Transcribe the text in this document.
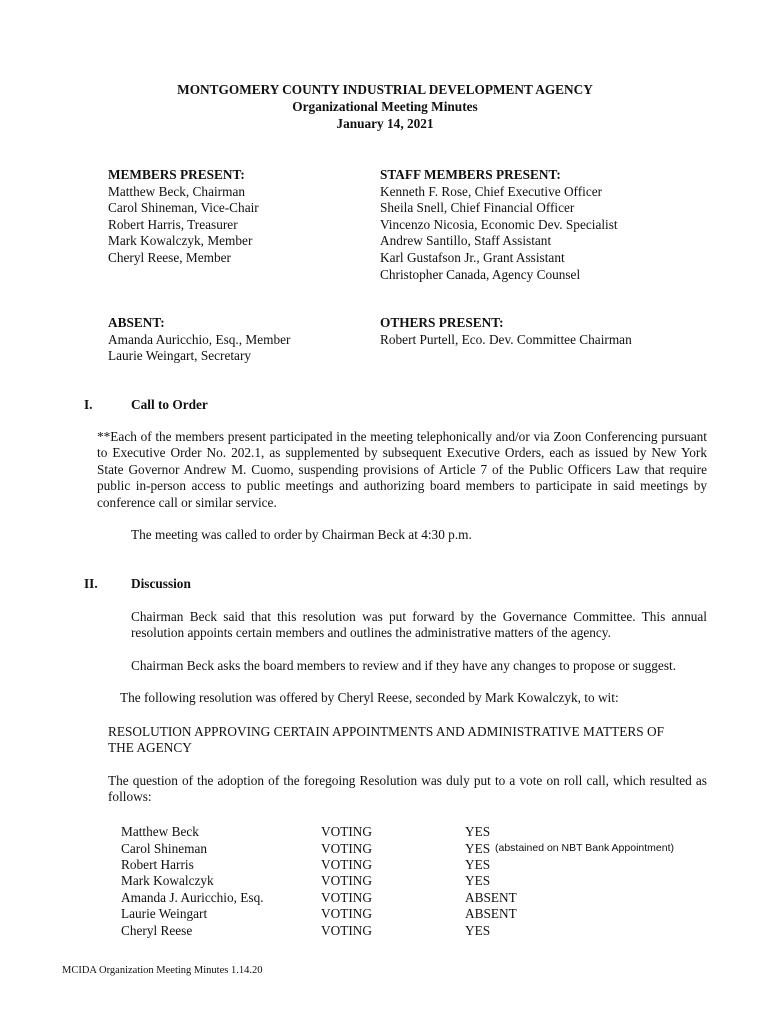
MONTGOMERY COUNTY INDUSTRIAL DEVELOPMENT AGENCY
Organizational Meeting Minutes
January 14, 2021
MEMBERS PRESENT:
Matthew Beck, Chairman
Carol Shineman, Vice-Chair
Robert Harris, Treasurer
Mark Kowalczyk, Member
Cheryl Reese, Member
STAFF MEMBERS PRESENT:
Kenneth F. Rose, Chief Executive Officer
Sheila Snell, Chief Financial Officer
Vincenzo Nicosia, Economic Dev. Specialist
Andrew Santillo, Staff Assistant
Karl Gustafson Jr., Grant Assistant
Christopher Canada, Agency Counsel
ABSENT:
Amanda Auricchio, Esq., Member
Laurie Weingart, Secretary
OTHERS PRESENT:
Robert Purtell, Eco. Dev. Committee Chairman
I.	Call to Order
**Each of the members present participated in the meeting telephonically and/or via Zoon Conferencing pursuant to Executive Order No. 202.1, as supplemented by subsequent Executive Orders, each as issued by New York State Governor Andrew M. Cuomo, suspending provisions of Article 7 of the Public Officers Law that require public in-person access to public meetings and authorizing board members to participate in said meetings by conference call or similar service.
The meeting was called to order by Chairman Beck at 4:30 p.m.
II.	Discussion
Chairman Beck said that this resolution was put forward by the Governance Committee. This annual resolution appoints certain members and outlines the administrative matters of the agency.
Chairman Beck asks the board members to review and if they have any changes to propose or suggest.
The following resolution was offered by Cheryl Reese, seconded by Mark Kowalczyk, to wit:
RESOLUTION APPROVING CERTAIN APPOINTMENTS AND ADMINISTRATIVE MATTERS OF THE AGENCY
The question of the adoption of the foregoing Resolution was duly put to a vote on roll call, which resulted as follows:
Matthew Beck	VOTING	YES
Carol Shineman	VOTING	YES (abstained on NBT Bank Appointment)
Robert Harris	VOTING	YES
Mark Kowalczyk	VOTING	YES
Amanda J. Auricchio, Esq.	VOTING	ABSENT
Laurie Weingart	VOTING	ABSENT
Cheryl Reese	VOTING	YES
MCIDA Organization Meeting Minutes 1.14.20
